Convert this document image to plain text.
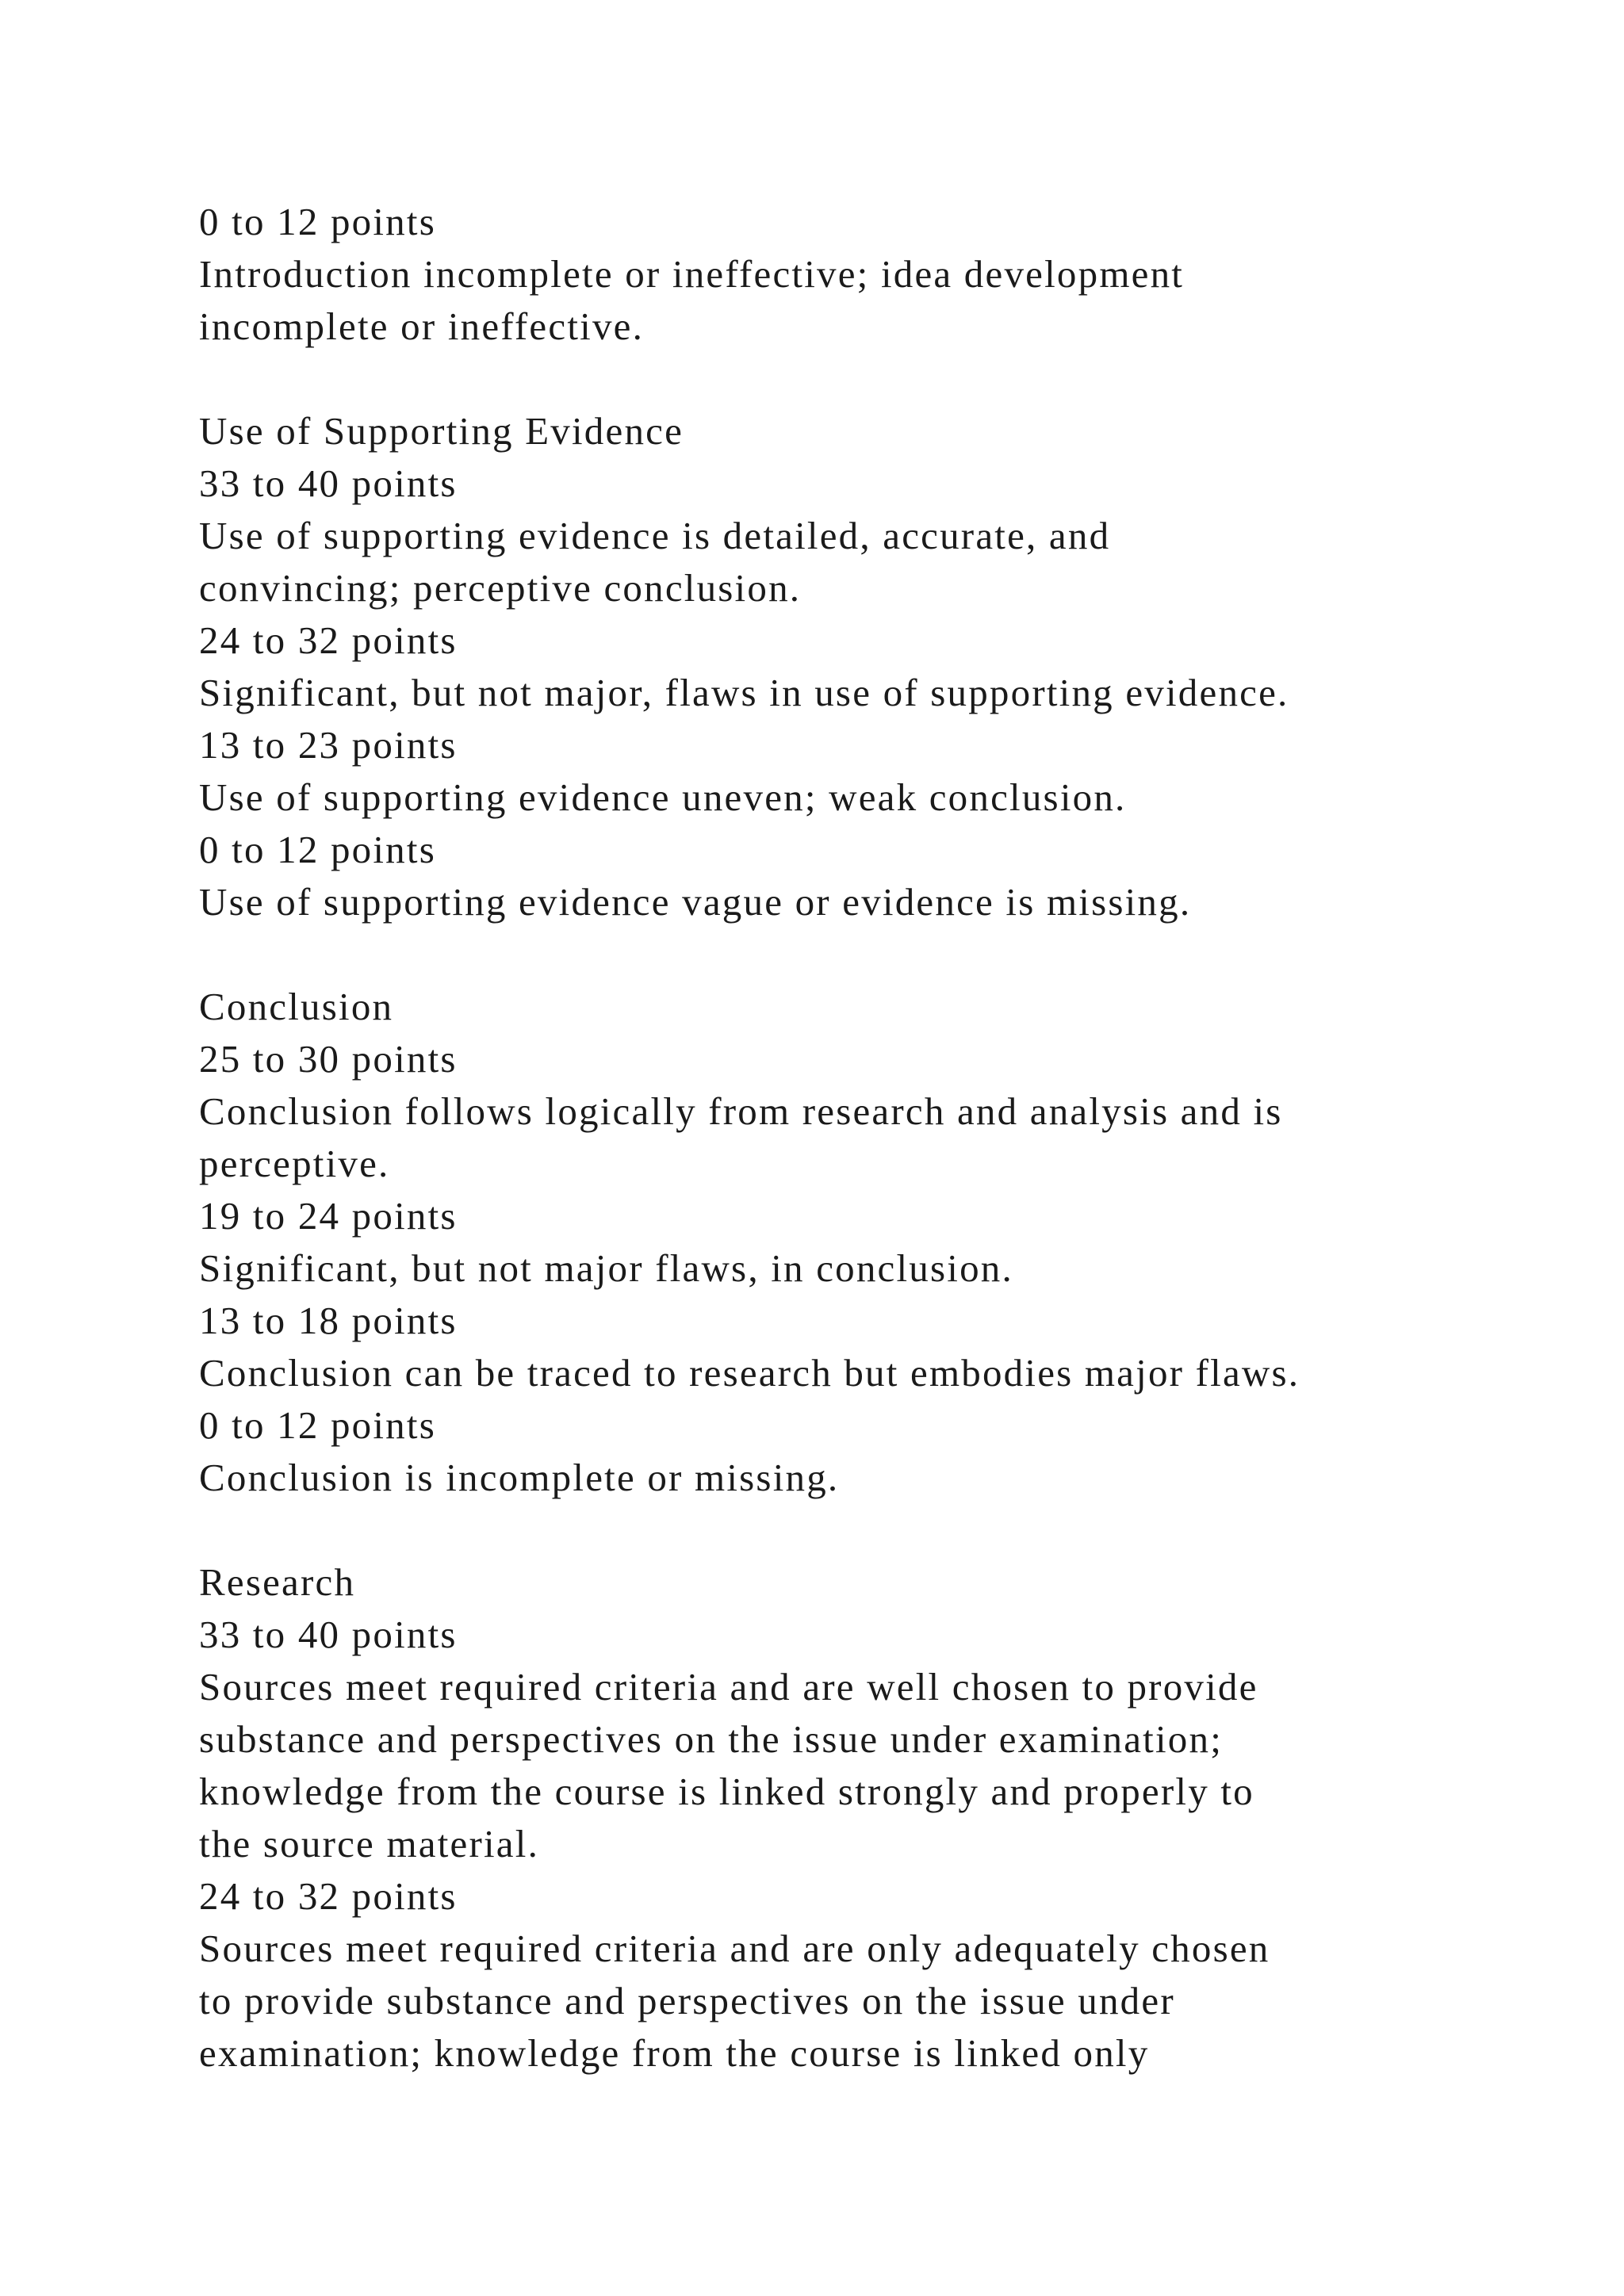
0 to 12 points
Introduction incomplete or ineffective; idea development
incomplete or ineffective.
Use of Supporting Evidence
33 to 40 points
Use of supporting evidence is detailed, accurate, and
convincing; perceptive conclusion.
24 to 32 points
Significant, but not major, flaws in use of supporting evidence.
13 to 23 points
Use of supporting evidence uneven; weak conclusion.
0 to 12 points
Use of supporting evidence vague or evidence is missing.
Conclusion
25 to 30 points
Conclusion follows logically from research and analysis and is
perceptive.
19 to 24 points
Significant, but not major flaws, in conclusion.
13 to 18 points
Conclusion can be traced to research but embodies major flaws.
0 to 12 points
Conclusion is incomplete or missing.
Research
33 to 40 points
Sources meet required criteria and are well chosen to provide
substance and perspectives on the issue under examination;
knowledge from the course is linked strongly and properly to
the source material.
24 to 32 points
Sources meet required criteria and are only adequately chosen
to provide substance and perspectives on the issue under
examination; knowledge from the course is linked only
